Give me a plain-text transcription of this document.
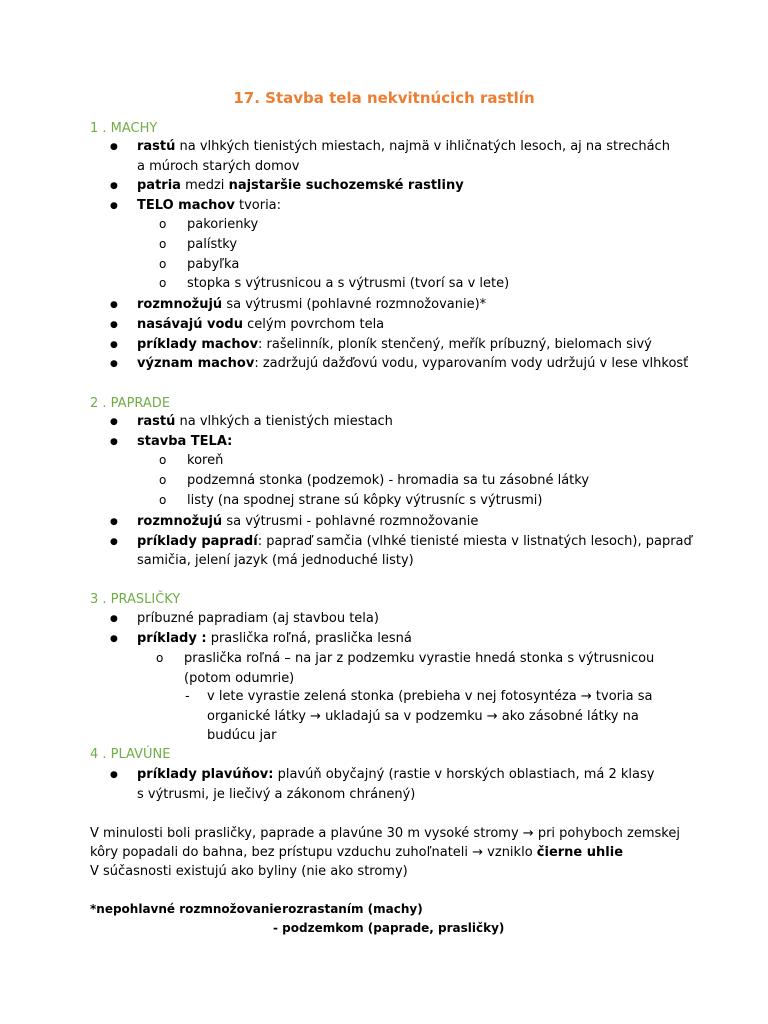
17. Stavba tela nekvitnúcich rastlín
1 . MACHY
● rastú na vlhkých tienistých miestach, najmä v ihličnatých lesoch, aj na strechách
a múroch starých domov
● patria medzi najstaršie suchozemské rastliny
● TELO machov tvoria:
o pakorienky
o palístky
o pabyľka
o stopka s výtrusnicou a s výtrusmi (tvorí sa v lete)
● rozmnožujú sa výtrusmi (pohlavné rozmnožovanie)*
● nasávajú vodu celým povrchom tela
● príklady machov: rašelinník, ploník stenčený, meřík príbuzný, bielomach sivý
● význam machov: zadržujú dažďovú vodu, vyparovaním vody udržujú v lese vlhkosť
2 . PAPRADE
● rastú na vlhkých a tienistých miestach
● stavba TELA:
o koreň
o podzemná stonka (podzemok) - hromadia sa tu zásobné látky
o listy (na spodnej strane sú kôpky výtrusníc s výtrusmi)
● rozmnožujú sa výtrusmi - pohlavné rozmnožovanie
● príklady papradí: papraď samčia (vlhké tienisté miesta v listnatých lesoch), papraď
samičia, jelení jazyk (má jednoduché listy)
3 . PRASLIČKY
● príbuzné papradiam (aj stavbou tela)
● príklady : praslička roľná, praslička lesná
o praslička roľná – na jar z podzemku vyrastie hnedá stonka s výtrusnicou
(potom odumrie)
- v lete vyrastie zelená stonka (prebieha v nej fotosyntéza → tvoria sa
organické látky → ukladajú sa v podzemku → ako zásobné látky na
budúcu jar
4 . PLAVÚNE
● príklady plavúňov: plavúň obyčajný (rastie v horských oblastiach, má 2 klasy
s výtrusmi, je liečivý a zákonom chránený)
V minulosti boli prasličky, paprade a plavúne 30 m vysoké stromy → pri pohyboch zemskej
kôry popadali do bahna, bez prístupu vzduchu zuhoľnateli → vzniklo čierne uhlie
V súčasnosti existujú ako byliny (nie ako stromy)
*nepohlavné rozmnožovanie
- rozrastaním (machy)
- podzemkom (paprade, prasličky)
